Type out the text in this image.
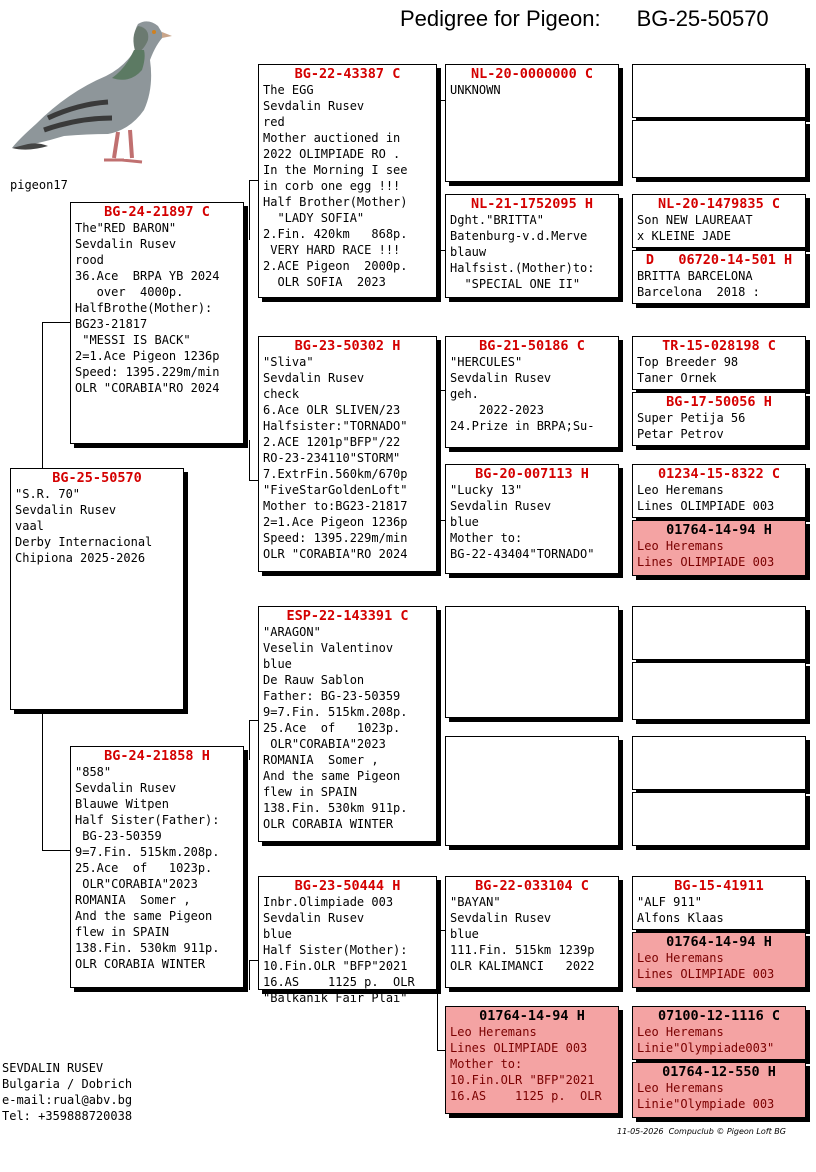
Pedigree for Pigeon: BG-25-50570
pigeon17
BG-25-50570
"S.R. 70"
Sevdalin Rusev
vaal
Derby Internacional
Chipiona 2025-2026
BG-24-21897 C
The"RED BARON"
Sevdalin Rusev
rood
36.Ace  BRPA YB 2024
over  4000p.
HalfBrothe(Mother):
BG23-21817
"MESSI IS BACK"
2=1.Ace Pigeon 1236p
Speed: 1395.229m/min
OLR "CORABIA"RO 2024
BG-24-21858 H
"858"
Sevdalin Rusev
Blauwe Witpen
Half Sister(Father):
BG-23-50359
9=7.Fin. 515km.208p.
25.Ace  of   1023p.
OLR"CORABIA"2023
ROMANIA  Somer ,
And the same Pigeon
flew in SPAIN
138.Fin. 530km 911p.
OLR CORABIA WINTER
BG-22-43387 C
The EGG
Sevdalin Rusev
red
Mother auctioned in
2022 OLIMPIADE RO .
In the Morning I see
in corb one egg !!!
Half Brother(Mother)
"LADY SOFIA"
2.Fin. 420km   868p.
VERY HARD RACE !!!
2.ACE Pigeon  2000p.
OLR SOFIA  2023
BG-23-50302 H
"Sliva"
Sevdalin Rusev
check
6.Ace OLR SLIVEN/23
Halfsister:"TORNADO"
2.ACE 1201p"BFP"/22
RO-23-234110"STORM"
7.ExtrFin.560km/670p
"FiveStarGoldenLoft"
Mother to:BG23-21817
2=1.Ace Pigeon 1236p
Speed: 1395.229m/min
OLR "CORABIA"RO 2024
ESP-22-143391 C
"ARAGON"
Veselin Valentinov
blue
De Rauw Sablon
Father: BG-23-50359
9=7.Fin. 515km.208p.
25.Ace  of   1023p.
OLR"CORABIA"2023
ROMANIA  Somer ,
And the same Pigeon
flew in SPAIN
138.Fin. 530km 911p.
OLR CORABIA WINTER
BG-23-50444 H
Inbr.Olimpiade 003
Sevdalin Rusev
blue
Half Sister(Mother):
10.Fin.OLR "BFP"2021
16.AS    1125 p.  OLR
"Balkanik Fair Plai"
NL-20-0000000 C
UNKNOWN
NL-21-1752095 H
Dght."BRITTA"
Batenburg-v.d.Merve
blauw
Halfsist.(Mother)to:
"SPECIAL ONE II"
BG-21-50186 C
"HERCULES"
Sevdalin Rusev
geh.
2022-2023
24.Prize in BRPA;Su-
BG-20-007113 H
"Lucky 13"
Sevdalin Rusev
blue
Mother to:
BG-22-43404"TORNADO"
BG-22-033104 C
"BAYAN"
Sevdalin Rusev
blue
111.Fin. 515km 1239p
OLR KALIMANCI   2022
01764-14-94 H
Leo Heremans
Lines OLIMPIADE 003
Mother to:
10.Fin.OLR "BFP"2021
16.AS    1125 p.  OLR
NL-20-1479835 C
Son NEW LAUREAAT
x KLEINE JADE
D   06720-14-501 H
BRITTA BARCELONA
Barcelona  2018 :
TR-15-028198 C
Top Breeder 98
Taner Ornek
BG-17-50056 H
Super Petija 56
Petar Petrov
01234-15-8322 C
Leo Heremans
Lines OLIMPIADE 003
01764-14-94 H
Leo Heremans
Lines OLIMPIADE 003
BG-15-41911
"ALF 911"
Alfons Klaas
01764-14-94 H
Leo Heremans
Lines OLIMPIADE 003
07100-12-1116 C
Leo Heremans
Linie"Olympiade003"
01764-12-550 H
Leo Heremans
Linie"Olympiade 003
SEVDALIN RUSEV
Bulgaria / Dobrich
e-mail:rual@abv.bg
Tel: +359888720038
11-05-2026  Compuclub © Pigeon Loft BG
